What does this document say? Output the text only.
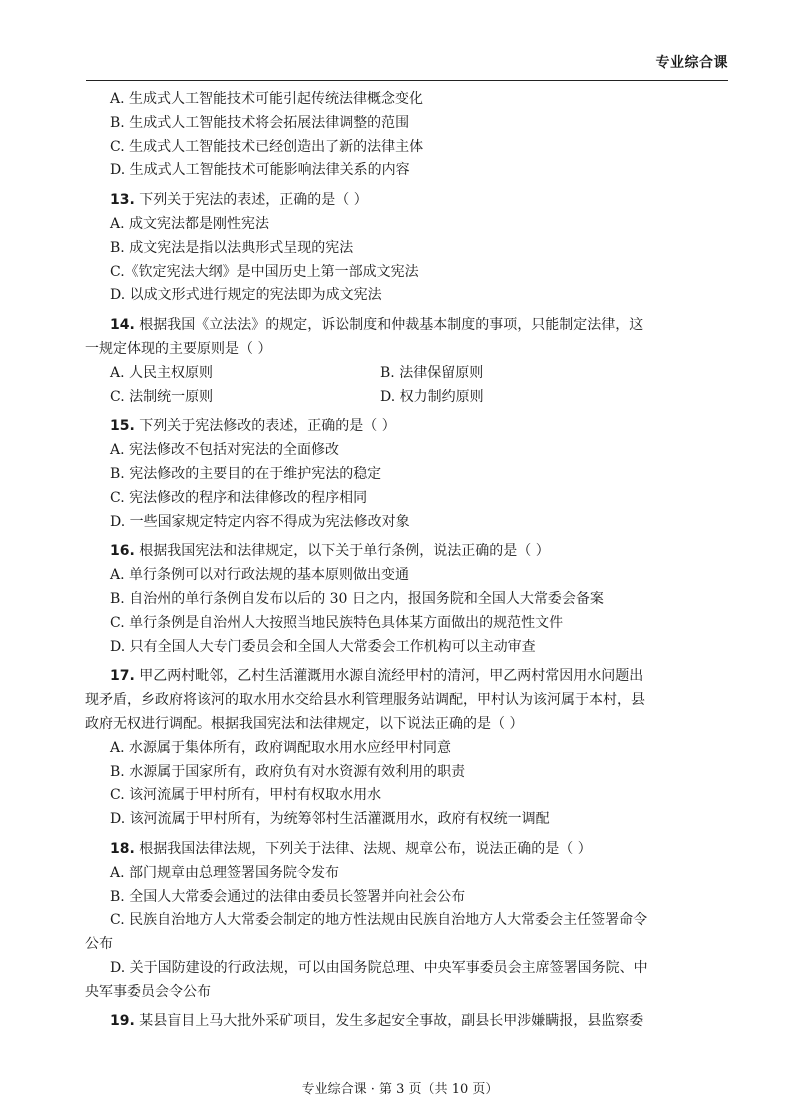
专业综合课
A. 生成式人工智能技术可能引起传统法律概念变化
B. 生成式人工智能技术将会拓展法律调整的范围
C. 生成式人工智能技术已经创造出了新的法律主体
D. 生成式人工智能技术可能影响法律关系的内容
13. 下列关于宪法的表述，正确的是（ ）
A. 成文宪法都是刚性宪法
B. 成文宪法是指以法典形式呈现的宪法
C.《钦定宪法大纲》是中国历史上第一部成文宪法
D. 以成文形式进行规定的宪法即为成文宪法
14. 根据我国《立法法》的规定，诉讼制度和仲裁基本制度的事项，只能制定法律，这
一规定体现的主要原则是（ ）
A. 人民主权原则	B. 法律保留原则
C. 法制统一原则	D. 权力制约原则
15. 下列关于宪法修改的表述，正确的是（ ）
A. 宪法修改不包括对宪法的全面修改
B. 宪法修改的主要目的在于维护宪法的稳定
C. 宪法修改的程序和法律修改的程序相同
D. 一些国家规定特定内容不得成为宪法修改对象
16. 根据我国宪法和法律规定，以下关于单行条例，说法正确的是（ ）
A. 单行条例可以对行政法规的基本原则做出变通
B. 自治州的单行条例自发布以后的 30 日之内，报国务院和全国人大常委会备案
C. 单行条例是自治州人大按照当地民族特色具体某方面做出的规范性文件
D. 只有全国人大专门委员会和全国人大常委会工作机构可以主动审查
17. 甲乙两村毗邻，乙村生活灌溉用水源自流经甲村的清河，甲乙两村常因用水问题出
现矛盾，乡政府将该河的取水用水交给县水利管理服务站调配，甲村认为该河属于本村，县
政府无权进行调配。根据我国宪法和法律规定，以下说法正确的是（ ）
A. 水源属于集体所有，政府调配取水用水应经甲村同意
B. 水源属于国家所有，政府负有对水资源有效利用的职责
C. 该河流属于甲村所有，甲村有权取水用水
D. 该河流属于甲村所有，为统筹邻村生活灌溉用水，政府有权统一调配
18. 根据我国法律法规，下列关于法律、法规、规章公布，说法正确的是（ ）
A. 部门规章由总理签署国务院令发布
B. 全国人大常委会通过的法律由委员长签署并向社会公布
C. 民族自治地方人大常委会制定的地方性法规由民族自治地方人大常委会主任签署命令
公布
D. 关于国防建设的行政法规，可以由国务院总理、中央军事委员会主席签署国务院、中
央军事委员会令公布
19. 某县盲目上马大批外采矿项目，发生多起安全事故，副县长甲涉嫌瞒报，县监察委
专业综合课 · 第 3 页（共 10 页）
